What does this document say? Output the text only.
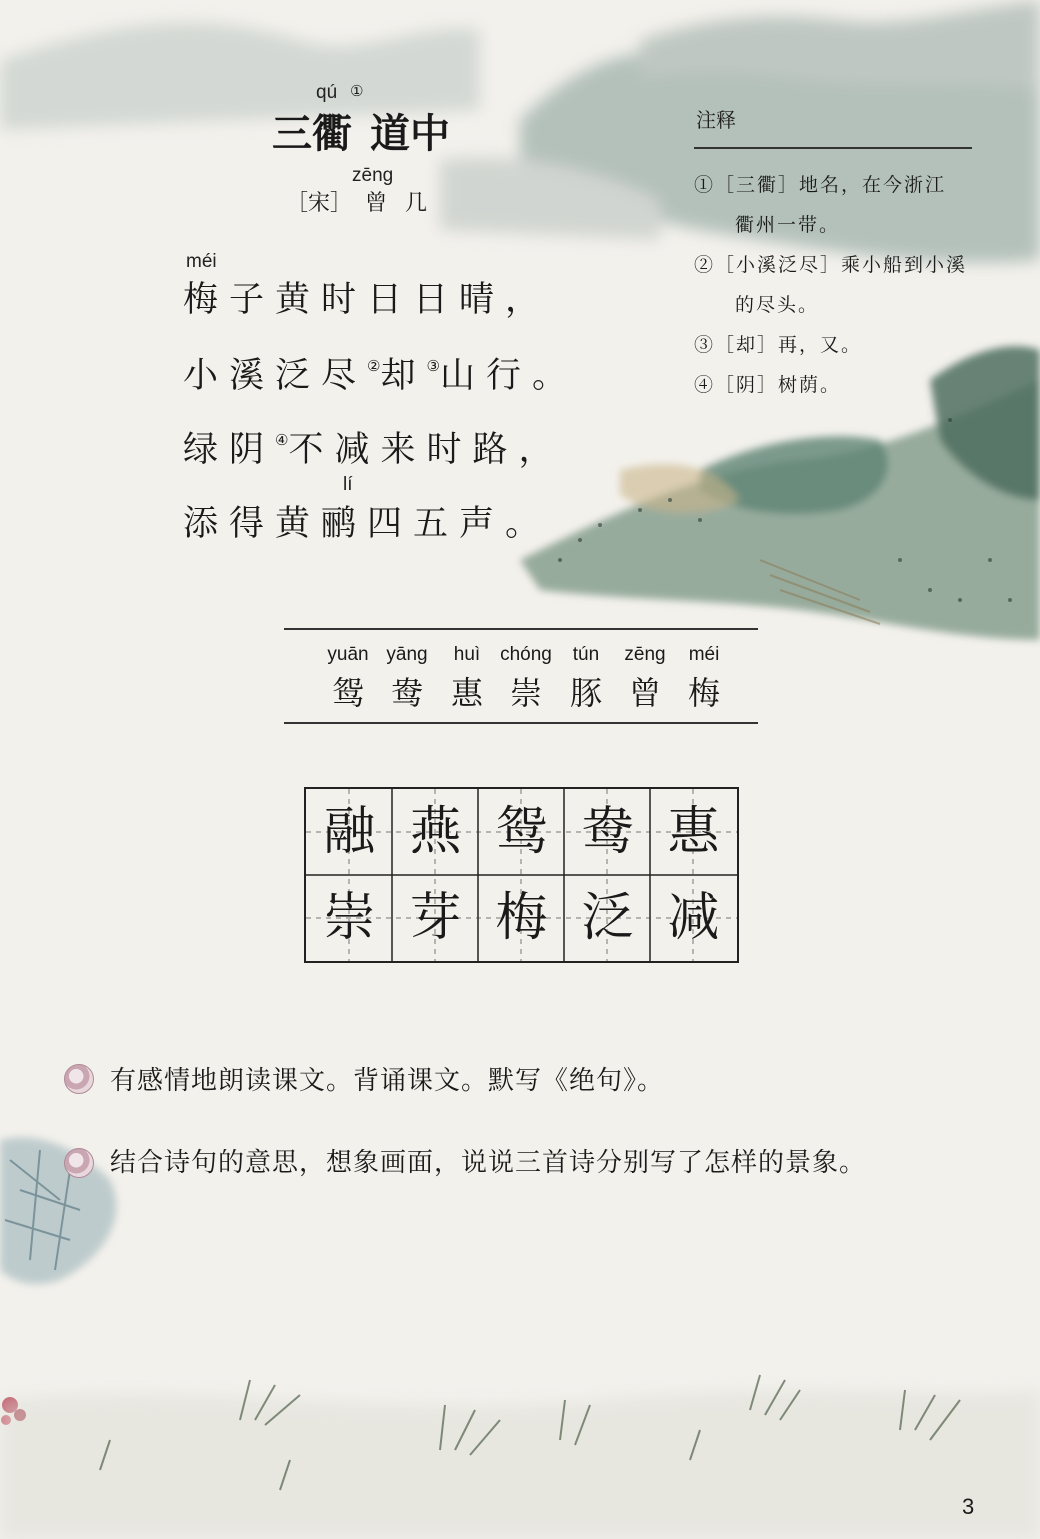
qú ①
三 衢 道 中
zēng
［宋］ 曾 几
méi
梅子黄时日日晴，
小溪泛尽②却③山行。
绿阴④不减来时路，
lí
添得黄鹂四五声。
注释
①［三衢］地名，在今浙江
衢州一带。
②［小溪泛尽］乘小船到小溪
的尽头。
③［却］再，又。
④［阴］树荫。
yuān
鸳
yāng
鸯
huì
惠
chóng
崇
tún
豚
zēng
曾
méi
梅
融 燕 鸳 鸯 惠
崇 芽 梅 泛 减
有感情地朗读课文。背诵课文。默写《绝句》。
结合诗句的意思，想象画面，说说三首诗分别写了怎样的景象。
3
